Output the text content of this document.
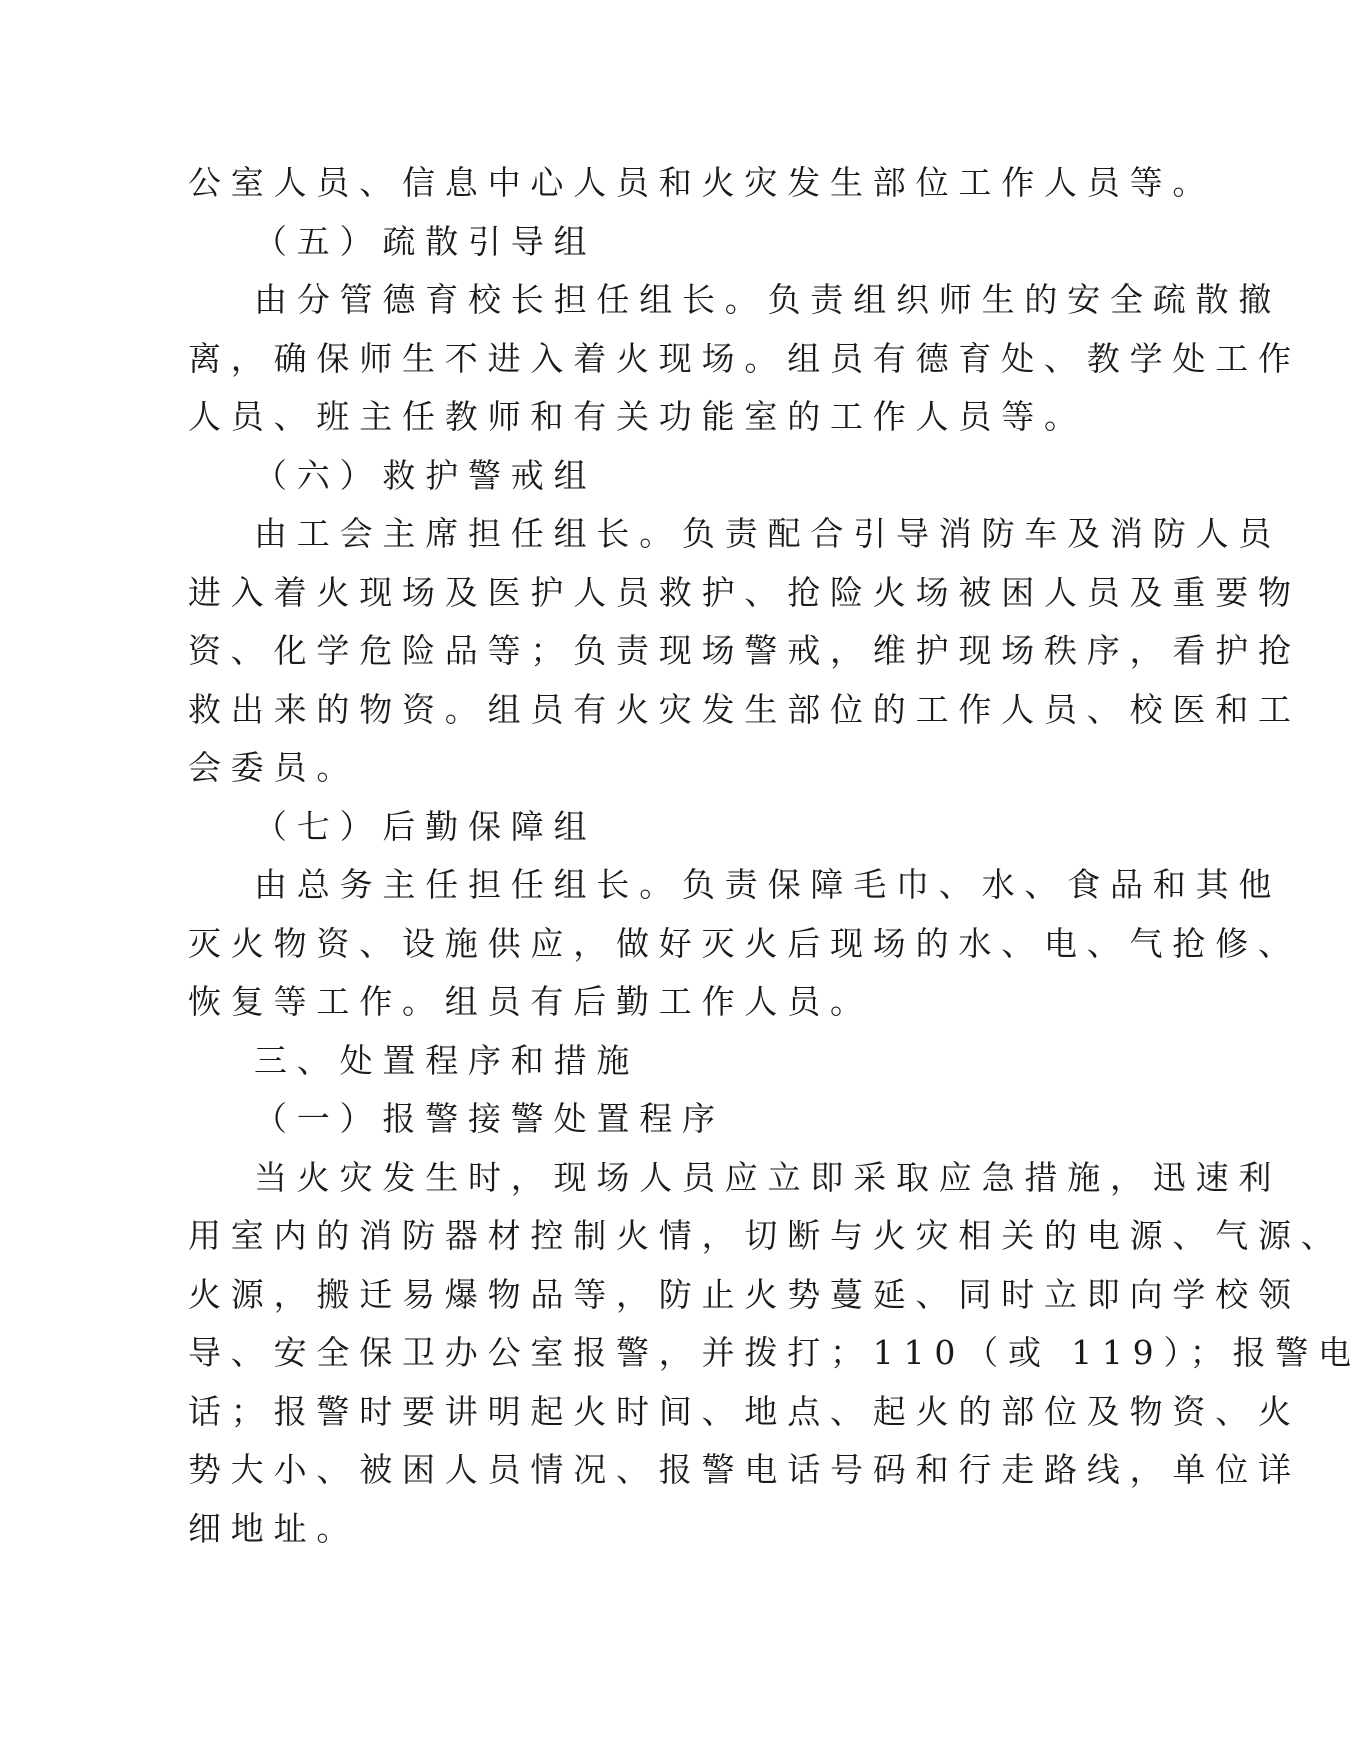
公室人员、信息中心人员和火灾发生部位工作人员等。
（五）疏散引导组
由分管德育校长担任组长。负责组织师生的安全疏散撤
离，确保师生不进入着火现场。组员有德育处、教学处工作
人员、班主任教师和有关功能室的工作人员等。
（六）救护警戒组
由工会主席担任组长。负责配合引导消防车及消防人员
进入着火现场及医护人员救护、抢险火场被困人员及重要物
资、化学危险品等；负责现场警戒，维护现场秩序，看护抢
救出来的物资。组员有火灾发生部位的工作人员、校医和工
会委员。
（七）后勤保障组
由总务主任担任组长。负责保障毛巾、水、食品和其他
灭火物资、设施供应，做好灭火后现场的水、电、气抢修、
恢复等工作。组员有后勤工作人员。
三、处置程序和措施
（一）报警接警处置程序
当火灾发生时，现场人员应立即采取应急措施，迅速利
用室内的消防器材控制火情，切断与火灾相关的电源、气源、
火源，搬迁易爆物品等，防止火势蔓延、同时立即向学校领
导、安全保卫办公室报警，并拨打；110（或 119）；报警电
话；报警时要讲明起火时间、地点、起火的部位及物资、火
势大小、被困人员情况、报警电话号码和行走路线，单位详
细地址。
